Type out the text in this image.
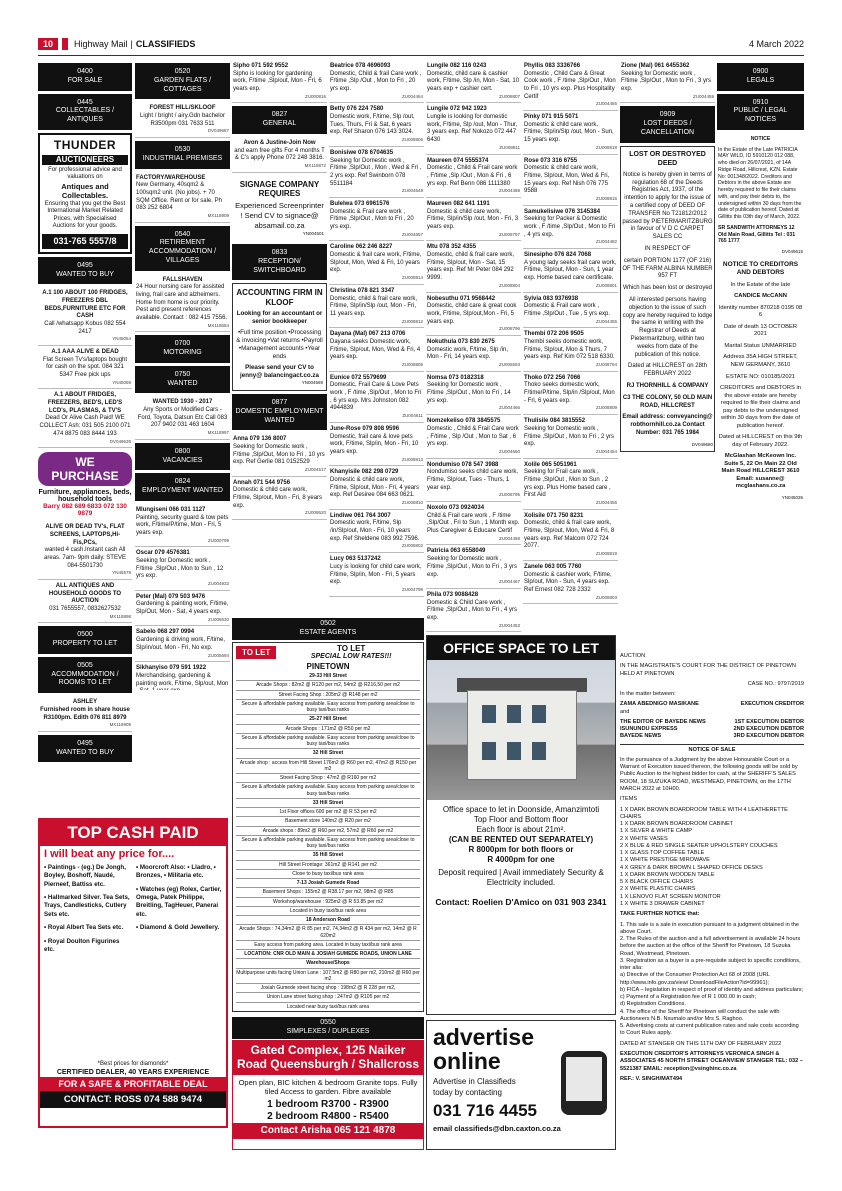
10	Highway Mail | CLASSIFIEDS	4 March 2022
0400
FOR SALE
0445
COLLECTABLES / ANTIQUES
THUNDER
AUCTIONEERS
For professional advice and valuations on
Antiques and Collectables.
Ensuring that you get the Best International Market Related Prices, with Specialised Auctions for your goods.
031-765 5557/8
0495
WANTED TO BUY
A.1 100 ABOUT 100 FRIDGES, FREEZERS DBL BEDS,FURNITURE ETC FOR CASH
Call /whatsapp Kobus 082 554 2417
YN45054
A.1 AAA ALIVE & DEAD
Flat Screen Tv's/laptops bought for cash on the spot. 084 321 5347 Free pick ups
YN45059
A.1 ABOUT FRIDGES, FREEZERS, BED'S, LED'S LCD's, PLASMAS, & TV'S
Dead Or Alive Cash Paid! WE COLLECT Ash: 031 505 2100 071 474 8875 083 8444 193
DV049639
WE PURCHASE
Furniture, appliances, beds, household tools
Barry 082 689 6833 072 130 9879
ALIVE OR DEAD TV's, FLAT SCREENS, LAPTOPS,Hi-Fis,PCs,
wanted 4 cash.Instant cash All areas. 7am- 9pm daily. STEVE 084-5501730
YN45579
ALL ANTIQUES AND HOUSEHOLD GOODS TO AUCTION
031 7655557, 0832627532
MX118898
0500
PROPERTY TO LET
0505
ACCOMMODATION / ROOMS TO LET
ASHLEY
Furnished room in share house R3100pm. Edith 076 811 8979
MX118909
0495
WANTED TO BUY
0520
GARDEN FLATS / COTTAGES
FOREST HILL/SKLOOF
Light / bright / airy.Gdn bachelor R3500pm 031 7633 511
DV049687
0530
INDUSTRIAL PREMISES
FACTORY/WAREHOUSE
New Germany, 40sqm2 & 100sqm2 unit. (No jobs). + 70 SQM Office. Rent or for sale. Ph 083 252 6804
MX118909
0540
RETIREMENT ACCOMMODATION / VILLAGES
FALLSHAVEN
24 Hour nursing care for assisted living, frail care and alzheimers. Home from home is our priority. Pest and present references available. Contact : 082 415 7556.
MX118684
0700
MOTORING
0750
WANTED
WANTED 1930 - 2017
Any Sports or Modified Cars - Ford, Toyota, Datsun Etc Call 083 207 9402 031 463 1604
MX118997
0800
VACANCIES
0824
EMPLOYMENT WANTED
Mlungiseni 066 031 1127
Painting, security guard & tow pets work, F/time/P/time, Mon - Fri, 5 years exp.
ZU000799
Oscar 079 4576381
Seeking for Domestic work , F/time ,Slp/Out , Mon to Sun , 12 yrs exp.
ZU004933
Peter (Mal) 079 503 9476
Gardening & painting work, F/time, Slp/Out, Mon - Sat, 4 years exp.
ZU008630
Sabelo 068 297 0994
Gardening & driving work, F/time, Slp/in/out, Mon - Fri, No exp.
ZU005694
Sikhanyiso 079 591 1922
Merchandising, gardening & painting work, F/time, Slp/out, Mon
Sipho 071 592 9552
Sipho is looking for gardening work, F/time ,Slp/out, Mon - Fri, 6 years exp.
ZU000816
0827
GENERAL
Avon & Justine-Join Now
and earn free gifts For 4 months T & C's apply Phone 072 248 3816.
MX118872
SIGNAGE COMPANY REQUIRES
Experienced Screenprinter ! Send CV to signace@ absamail.co.za
YN004501
0833
RECEPTION/ SWITCHBOARD
ACCOUNTING FIRM IN KLOOF
Looking for an accountant or senior bookkeeper
•Full time position •Processing & invoicing •Vat returns •Payroll •Management accounts •Year ends
Please send your CV to jenny@ balancingact.co.za
YN004569
0877
DOMESTIC EMPLOYMENT WANTED
Anna 079 136 8007
Seeking for Domestic work , F/time ,Slp/Out, Mon to Fri , 10 yrs exp. Ref Gerlie 081 0152529
ZU004517
Annah 071 544 9756
Domestic & child care work, F/time, Slp/out, Mon - Fri, 8 years exp.
ZU008620
Beatrice 078 4696093
Domestic, Child & frail Care work , F/time ,Slp /Out , Mon to Fri , 20 yrs exp.
ZU004464
Betty 076 224 7580
Domestic work, F/time, Slp /out, Tues, Thurs, Fri & Sat, 6 years exp. Ref Sharon 076 143 3024.
ZU008806
Bonisiwe 078 6704635
Seeking for Domestic work , F/time ,Slp/Out , Mon , Wed & Fri , 2 yrs exp. Ref Swinborn 078 5511184
ZU004649
Bulelwa 073 6961576
Domestic & Frail care work , F/time ,Slp/Out , Mon to Fri , 20 yrs exp.
ZU004657
Caroline 062 246 8227
Domestic & frail care work, F/time, Slp/out, Mon, Wed & Fri, 10 years exp.
ZU008814
Christina 078 821 3347
Domestic, child & frail care work, F/time, Slp/in/Slp /out, Mon - Fri, 11 years exp.
ZU008812
Dayana (Mal) 067 213 0706
Dayana seeks Domestic work, F/time, Slp/out, Mon, Wed & Fri, 4 years exp.
ZU008805
Eunice 072 5579699
Domestic, Frail Care & Love Pets work , F /time ,Slp/Out , Mon to Fri , 6 yrs exp. Mrs Johnston 082 4944839
ZU004611
June-Rose 079 808 9596
Domestic, frail care & love pets work, F/time, Slp/in, Mon - Fri, 10 years exp.
ZU008813
Khanyisile 082 298 0729
Domestic & child care work, F/time, Slp/out, Mon - Fri, 4 years exp. Ref Desiree 084 663 0621.
ZU008810
Lindiwe 061 764 3007
Domestic work, F/time, Slp /in/Slp/out, Mon - Fri, 10 years exp. Ref Sheldene 083 992 7596.
ZU008802
Lucy 063 5137242
Lucy is looking for child care work, F/time, Slp/in, Mon - Fri, 5 years exp.
ZU004798
Lungile 082 116 0243
Domestic, child care & cashier work, F/time, Slp /in, Mon - Sat, 10 years exp + cashier cert.
ZU008807
Lungile 072 942 1923
Lungile is looking for domestic work, F/time, Slp /out, Mon - Thur, 3 years exp. Ref Nokozo 072 447 6430
ZU008811
Maureen 074 5555374
Domestic , Child & Frail care work , F/time ,Slp /Out , Mon & Fri , 6 yrs exp. Ref Benn 086 1111380
ZU004488
Maureen 082 641 1191
Domestic & child care work, F/time, Slp/in/Slp /out, Mon - Fri, 3 years exp.
ZU008797
Mtu 078 352 4355
Domestic, child & frail care work, F/time, Slp/out, Mon - Sat, 15 years exp. Ref Mr Peter 084 292 9999.
ZU008804
Nobesuthu 071 9568442
Domestic, child care & great cook work, F/time, Slp/out,Mon - Fri, 5 years exp.
ZU008796
Nokuthula 073 830 2675
Domestic work, F/time, Slp /in, Mon - Fri, 14 years exp.
ZU005593
Nomsa 073 0182318
Seeking for Domestic work , F/time ,Slp/Out , Mon to Fri , 14 yrs exp.
ZU004466
Nomzekeliso 078 3845575
Domestic , Child & Frail Care work , F/time , Slp /Out , Mon to Sat , 6 yrs exp.
ZU004660
Nondumiso 078 547 3988
Nondumiso seeks child care work, F/time, Slp/out, Tues - Thurs, 1 year exp.
ZU008795
Noxolo 073 0924034
Child & Frail care work , F /time ,Slp/Out , Fri to Sun , 1 Month exp. Plus Caregiver & Educare Certif
ZU004458
Patricia 063 6558049
Seeking for Domestic work , F/time ,Slp/Out , Mon to Fri , 3 yrs exp.
ZU004467
Phila 073 9088428
Domestic & Child Care work , F/time ,Slp/Out , Mon to Fri , 4 yrs exp.
ZU004453
Phyllis 083 3336766
Domestic , Child Care & Great Cook work , F /time ,Slp/Out , Mon to Fri , 10 yrs exp. Plus Hospitality Certif
ZU004465
Pinky 071 915 5071
Domestic & child care work, F/time, Slp/in/Slp /out, Mon - Sun, 15 years exp.
ZU008818
Rose 073 316 6755
Domestic & child care work, F/time, Slp/out, Mon, Wed & Fri, 15 years exp. Ref Nish 076 775 9588
ZU008815
Samukelisiwe 076 3145384
Seeking for Packer & Domestic work , F /time ,Slp/Out , Mon to Fri , 4 yrs exp.
ZU004482
Sinesipho 076 824 7068
A young lady seeks frail care work, F/time, Slp/out, Mon - Sun, 1 year exp. Home based care certificate.
ZU008801
Sylvia 083 9376938
Domestic & Frail care work , F/time ,Slp/Out , Tue , 5 yrs exp.
ZU004455
Thembi 072 206 9505
Thembi seeks domestic work, F/time, Slp/out, Mon & Thurs, 7 years exp. Ref Kim 072 518 6330.
ZU008794
Thoko 072 256 7066
Thoko seeks domestic work, F/time/P/time, Slp/in /Slp/out, Mon - Fri, 6 years exp.
ZU008809
Thulisile 084 3815552
Seeking for Domestic work , F/time ,Slp/Out , Mon to Fri , 2 yrs exp.
ZU004454
Xolile 065 5051961
Seeking for Frail care work , F/time ,Slp/Out , Mon to Sun , 2 yrs exp. Plus Home based care , First Aid
ZU004456
Xolisile 071 750 8231
Domestic, child & frail care work, F/time, Slp/out, Mon, Wed & Fri, 8 years exp. Ref Malcom 072 724 2077.
ZU008819
Zanele 063 005 7760
Domestic & cashier work, F/time, Slp/out, Mon - Sun, 4 years exp. Ref Ernest 082 728 2332
ZU008803
Zione (Mal) 061 6455362
Seeking for Domestic work , F/time ,Slp/Out , Mon to Fri , 3 yrs exp.
ZU004459
0909
LOST DEEDS / CANCELLATION

LOST OR DESTROYED DEED

Notice is hereby given in terms of regulation 68 of the Deeds Registries Act, 1937, of the intention to apply for the issue of a certified copy of DEED OF TRANSFER No T21812/2012 passed by PIETERMARITZBURG in favour of V D C CARPET SALES CC

IN RESPECT OF

certain PORTION 1177 (OF 216) OF THE FARM ALBINA NUMBER 957 FT

Which has been lost or destroyed

All interested persons having objection to the issue of such copy are hereby required to lodge the same in writing with the Registrar of Deeds at Pietermaritzburg, within two weeks from date of the publication of this notice.

Dated at HILLCREST on 28th FEBRUARY 2022

RJ THORNHILL & COMPANY

C3 THE COLONY, 50 OLD MAIN ROAD, HILLCREST

Email address: conveyancing@ robthornhill.co.za Contact Number: 031 765 1984

DV049680
0900
LEGALS
0910
PUBLIC / LEGAL NOTICES

NOTICE

In the Estate of the Late PATRICIA MAY WILD, ID 5910120 012 088, who died on 26/07/2021, of 14A Ridge Road, Hillcrest, KZN. Estate No: 001348/2022. Creditors and Debtors in the above Estate are hereby required to file their claims with, and pay their debts to, the undersigned within 30 days from the date of publication hereof. Dated at Gillitts this 03th day of March, 2022.

SR SANDWITH ATTORNEYS 12 Old Main Road, Gillitts Tel : 031 765 1777

DV049615

NOTICE TO CREDITORS AND DEBTORS

In the Estate of the late

CANDICE McCANN

Identity number 870218 0195 08 6

Date of death 13 OCTOBER 2021

Marital Status UNMARRIED

Address 35A HIGH STREET, NEW GERMANY, 3610

ESTATE NO: 010185/2021

CREDITORS and DEBTORS in the above estate are hereby required to file their claims and pay debts to the undersigned within 30 days from the date of publication hereof.

Dated at HILLCREST on this 9th day of February 2022.

McGlashan McKeown Inc. Suite 5, 22 On Main 22 Old Main Road HILLCREST 3610 Email: susanne@ mcglashans.co.za

YN045035
0502
ESTATE AGENTS
TO LET	TO LET
SPECIAL LOW RATES!!!
PINETOWN
29-33 Hill Street
Arcade Shops : 82m2 @ R120 per m2, 54m2 @ R216,50 per m2
Street Facing Shop : 205m2 @ R148 per m2
Secure & affordable parking available. Easy access from parking area/close to busy taxi/bus ranks
25-27 Hill Street
Arcade Shops : 171m2 @ R50 per m2
Secure & affordable parking available. Easy access from parking area/close to busy taxi/bus ranks
32 Hill Street
Arcade shop : access from Hill Street 176m2 @ R60 per m2, 47m2 @ R150 per m2
Street Facing Shop : 47m2 @ R160 per m2
Secure & affordable parking available. Easy access from parking area/close to busy taxi/bus ranks
33 Hill Street
1st Floor offices 600 per m2 @ R 53 per m2
Basement store 140m2 @ R20 per m2
Arcade shops : 89m2 @ R60 per m2, 57m2 @ R60 per m2
Secure & affordable parking available. Easy access from parking area/close to busy taxi/bus ranks
35 Hill Street
Hill Street Frontage: 361m2 @ R141 per m2
Close to busy taxi/bus rank area
7-13 Josiah Gumede Road
Basement Shops : 155m2 @ R38.17 per m2, 98m2 @ R85
Workshop/warehouse : 925m2 @ R 53.85 per m2
Located in busy taxi/bus rank area
18 Anderson Road
Arcade Shops : 74,34m2 @ R 85 per m2, 74,34m2 @ R 434 per m2, 14m2 @ R 620m2
Easy access from parking area. Located in busy taxi/bus rank area
LOCATION: CNR OLD MAIN & JOSIAH GUMEDE ROADS, UNION LANE
Warehouse/Shops
Multipurpose units facing Union Lane : 107.5m2 @ R80 per m2, 210m2 @ R60 per m2
Josiah Gumede street facing shop : 198m2 @ R 228 per m2,
Union Lane street facing shop : 247m2 @ R105 per m2
Located near busy taxi/bus rank area
0550
SIMPLEXES / DUPLEXES
Gated Complex, 125 Naiker Road Queensburgh / Shallcross
Open plan, BIC kitchen & bedroom Granite tops. Fully tiled Access to garden. Fibre available
1 bedroom R3700 - R3900
2 bedroom R4800 - R5400
Contact Arisha 065 121 4878
OFFICE SPACE TO LET
Office space to let in Doonside, Amanzimtoti
Top Floor and Bottom floor
Each floor is about 21m².
(CAN BE RENTED OUT SEPARATELY)
R 8000pm for both floors or
R 4000pm for one
Deposit required | Avail immediately Security & Electricity included.
Contact: Roelien D'Amico on 031 903 2341
advertise
online
Advertise in Classifieds today by contacting
031 716 4455
email classifieds@dbn.caxton.co.za
TOP CASH PAID
I will beat any price for....
• Paintings - (eg.) De Jongh, Boyley, Boshoff, Naudé, Pierneef, Battiss etc.
• Hallmarked Silver. Tea Sets, Trays, Candlesticks, Cutlery Sets etc.
• Royal Albert Tea Sets etc.
• Royal Doulton Figurines etc.
• Moorcroft Also: • Lladro, • Bronzes, • Militaria etc.
• Watches (eg) Rolex, Cartier, Omega, Patek Philippe, Breitling, TagHeuer, Panerai etc.
• Diamond & Gold Jewellery.
*Best prices for diamonds*
CERTIFIED DEALER, 40 YEARS EXPERIENCE
FOR A SAFE & PROFITABLE DEAL
CONTACT: ROSS 074 588 9474

AUCTION

IN THE MAGISTRATE'S COURT FOR THE DISTRICT OF PINETOWN HELD AT PINETOWN

CASE NO.: 9797/2019

In the matter between:

ZAMA ABEDNIGO MASIKANE	EXECUTION CREDITOR

and

THE EDITOR OF BAYEDE NEWS	1ST EXECUTION DEBTOR
ISUNUNDU EXPRESS	2ND EXECUTION DEBTOR
BAYEDE NEWS	3RD EXECUTION DEBTOR

NOTICE OF SALE

In the pursuance of a Judgment by the above Honourable Court or a Warrant of Execution issued thereon, the following goods will be sold by Public Auction to the highest bidder for cash, at the SHERIFF'S SALES ROOM, 18 SUZUKA ROAD, WESTMEAD, PINETOWN, on the 17TH MARCH 2022 at 10H00.

ITEMS

1 X DARK BROWN BOARDROOM TABLE WITH 4 LEATHERETTE CHAIRS
1 X DARK BROWN BOARDROOM CABINET
1 X SILVER & WHITE CAMP
2 X WHITE VASES
2 X BLUE & RED SINGLE SEATER UPHOLSTERY COUCHES
1 X GLASS TOP COFFEE TABLE
1 X WHITE PRESTIGE MIROWAVE
4 X GREY & DARK BROWN L SHAPED OFFICE DESKS
1 X DARK BROWN WOODEN TABLE
5 X BLACK OFFICE CHAIRS
2 X WHITE PLASTIC CHAIRS
1 X LENOVO FLAT SCREEN MONITOR
1 X WHITE 3 DRAWER CABINET

TAKE FURTHER NOTICE that:

1. This sale is a sale in execution pursuant to a judgment obtained in the above Court.
2. The Rules of the auction and a full advertisement is available 24 hours before the auction at the office of the Sheriff for Pinetown, 18 Suzuka Road, Westmead, Pinetown.
3. Registration as a buyer is a pre-requisite subject to specific conditions, inter alia:
a) Directive of the Consumer Protection Act 68 of 2008 (URL http://www.info.gov.za/view/ DownloadFileAction?id=99961);
b) FICA – legislation in respect of proof of identity and address particulars;
c) Payment of a Registration fee of R 1 000.00 in cash;
d) Registration Conditions.
4. The office of the Sheriff for Pinetown will conduct the sale with Auctioneers N.B. Nxumalo and/or Mrs S. Raghoo.
5. Advertising costs at current publication rates and sale costs according to Court Rules apply.

DATED AT STANGER ON THIS 11TH DAY OF FEBRUARY 2022

EXECUTION CREDITOR'S ATTORNEYS VERONICA SINGH & ASSOCIATES 45 NORTH STREET OCEANVIEW STANGER TEL: 032 – 5521387 EMAIL: reception@vsinghinc.co.za

REF.: V. SINGH/MAT494
